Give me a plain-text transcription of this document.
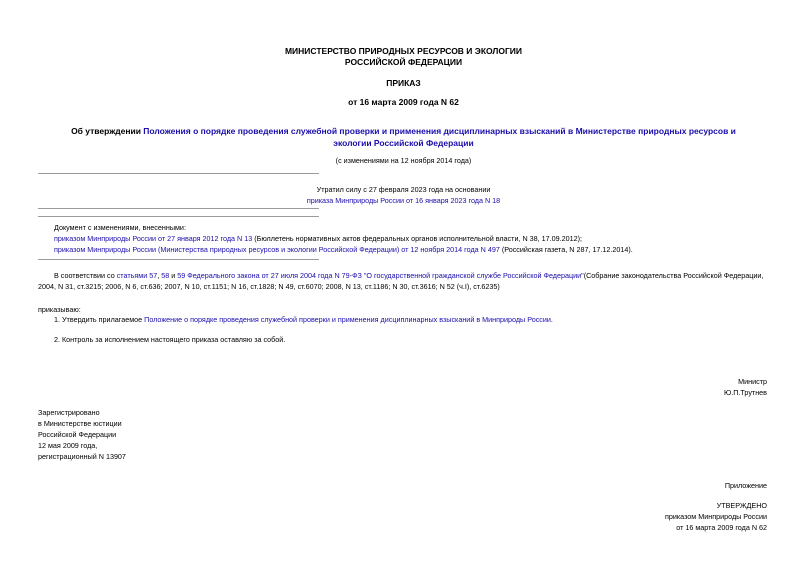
МИНИСТЕРСТВО ПРИРОДНЫХ РЕСУРСОВ И ЭКОЛОГИИ
РОССИЙСКОЙ ФЕДЕРАЦИИ
ПРИКАЗ
от 16 марта 2009 года N 62
Об утверждении Положения о порядке проведения служебной проверки и применения дисциплинарных взысканий в Министерстве природных ресурсов и
экологии Российской Федерации
(с изменениями на 12 ноября 2014 года)
Утратил силу с 27 февраля 2023 года на основании
приказа Минприроды России от 16 января 2023 года N 18
Документ с изменениями, внесенными:
приказом Минприроды России от 27 января 2012 года N 13 (Бюллетень нормативных актов федеральных органов исполнительной власти, N 38, 17.09.2012);
приказом Минприроды России (Министерства природных ресурсов и экологии Российской Федерации) от 12 ноября 2014 года N 497 (Российская газета, N 287, 17.12.2014).
В соответствии со статьями 57, 58 и 59 Федерального закона от 27 июля 2004 года N 79-ФЗ "О государственной гражданской службе Российской Федерации"(Собрание законодательства Российской Федерации,
2004, N 31, ст.3215; 2006, N 6, ст.636; 2007, N 10, ст.1151; N 16, ст.1828; N 49, ст.6070; 2008, N 13, ст.1186; N 30, ст.3616; N 52 (ч.I), ст.6235)
приказываю:
1. Утвердить прилагаемое Положение о порядке проведения служебной проверки и применения дисциплинарных взысканий в Минприроды России.
2. Контроль за исполнением настоящего приказа оставляю за собой.
Министр
Ю.П.Трутнев
Зарегистрировано
в Министерстве юстиции
Российской Федерации
12 мая 2009 года,
регистрационный N 13907
Приложение
УТВЕРЖДЕНО
приказом Минприроды России
от 16 марта 2009 года N 62
